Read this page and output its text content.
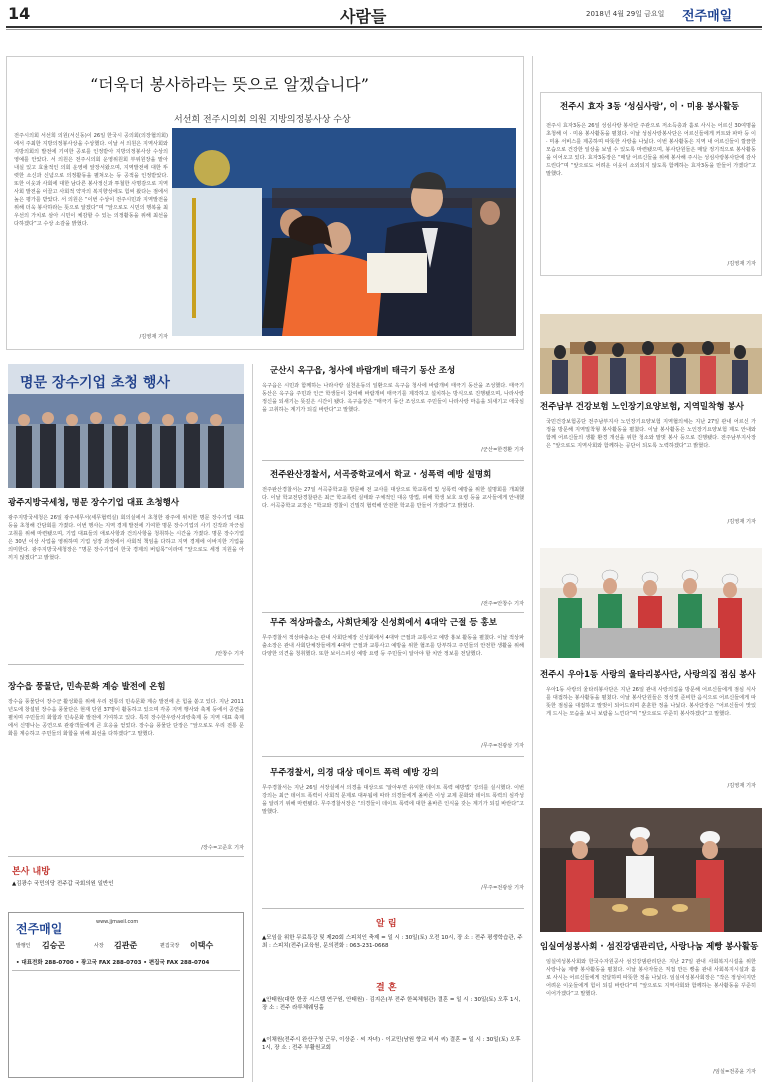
14	사람들	2018년 4월 29일 금요일 전주매일
“더욱더 봉사하라는 뜻으로 알겠습니다”
서선희 전주시의회 의원 지방의정봉사상 수상
전주시의회 서선희 의원(서신동)이 26일 한국시 공의회(의장협의회)에서 주최한 지방의정봉사상을 수상했다. 이날 서 의원은 지역사회와 지방의회의 발전에 기여한 공로를 인정받아 지방의정봉사상 수상의 영예를 안았다. 서 의원은 전주시의회 운영위원회 부위원장을 맡아 내실 있고 효율적인 의회 운영에 앞장서왔으며, 지역발전에 대한 뚜렷한 소신과 신념으로 의정활동을 펼쳐오는 등 공적을 인정받았다. 또한 이웃과 사회에 대한 남다른 봉사정신과 투철한 사명감으로 지역사회 발전을 이끌고 사회적 약자의 복지향상에도 힘써 왔다는 점에서 높은 평가를 받았다. 서 의원은 “이번 수상이 전주시민과 지역발전을 위해 더욱 봉사하라는 뜻으로 알겠다”며 “앞으로도 시민의 행복을 최우선의 가치로 삼아 시민이 체감할 수 있는 의정활동을 위해 최선을 다하겠다”고 수상 소감을 밝혔다.
/김영재 기자
전주시 효자 3동 ‘성심사랑’, 이 · 미용 봉사활동
전주시 효자3동은 26일 성심사랑 봉사단 주관으로 저소득층과 홀로 사시는 어르신 30여명을 초청해 이 · 미용 봉사활동을 펼쳤다. 이날 성심사랑봉사단은 어르신들에게 커트와 파마 등 이 · 미용 서비스를 제공하며 따뜻한 사랑을 나눴다. 이번 봉사활동은 지역 내 어르신들이 깔끔한 모습으로 건강한 일상을 보낼 수 있도록 마련됐으며, 봉사단원들은 매달 정기적으로 봉사활동을 이어오고 있다. 효자3동장은 “매달 어르신들을 위해 봉사해 주시는 성심사랑봉사단에 감사드린다”며 “앞으로도 어려운 이웃이 소외되지 않도록 함께하는 효자3동을 만들어 가겠다”고 말했다.
/김영재 기자
전주남부 건강보험 노인장기요양보험, 지역밀착형 봉사
국민건강보험공단 전주남부지사 노인장기요양보험 지역협의체는 지난 27일 관내 어르신 가정을 방문해 지역밀착형 봉사활동을 펼쳤다. 이날 봉사활동은 노인장기요양보험 제도 안내와 함께 어르신들의 생활 환경 개선을 위한 청소와 말벗 봉사 등으로 진행됐다. 전주남부지사장은 “앞으로도 지역사회와 함께하는 공단이 되도록 노력하겠다”고 밝혔다.
/김영재 기자
전주시 우아1동 사랑의 울타리봉사단, 사랑의집 점심 봉사
우아1동 사랑의 울타리봉사단은 지난 26일 관내 사랑의집을 방문해 어르신들에게 점심 식사를 대접하는 봉사활동을 펼쳤다. 이날 봉사단원들은 정성껏 준비한 음식으로 어르신들에게 따뜻한 점심을 대접하고 말벗이 되어드리며 훈훈한 정을 나눴다. 봉사단장은 “어르신들이 맛있게 드시는 모습을 보니 보람을 느낀다”며 “앞으로도 꾸준히 봉사하겠다”고 말했다.
/김영재 기자
임실여성봉사회 · 섬진강댐관리단, 사랑나눔 제빵 봉사활동
임실여성봉사회와 한국수자원공사 섬진강댐관리단은 지난 27일 관내 사회복지시설을 위한 사랑나눔 제빵 봉사활동을 펼쳤다. 이날 봉사자들은 직접 만든 빵을 관내 사회복지시설과 홀로 사시는 어르신들에게 전달하며 따뜻한 정을 나눴다. 임실여성봉사회장은 “작은 정성이지만 어려운 이웃들에게 힘이 되길 바란다”며 “앞으로도 지역사회와 함께하는 봉사활동을 꾸준히 이어가겠다”고 말했다.
/임실=전종윤 기자
명문 장수기업 초청 행사
광주지방국세청, 명문 장수기업 대표 초청행사
광주지방국세청은 26일 광주세무서(세무협력실) 회의실에서 초청한 광주에 위치한 명문 장수기업 대표 등을 초청해 간담회를 가졌다. 이번 행사는 지역 경제 발전에 기여한 명문 장수기업의 사기 진작과 자긍심 고취를 위해 마련됐으며, 기업 대표들의 애로사항과 건의사항을 청취하는 시간을 가졌다. 명문 장수기업은 30년 이상 사업을 영위하며 기업 성장 과정에서 사회적 책임을 다하고 지역 경제에 이바지한 기업을 의미한다. 광주지방국세청장은 “명문 장수기업이 한국 경제의 버팀목”이라며 “앞으로도 세정 지원을 아끼지 않겠다”고 밝혔다.
/안창수 기자
장수읍 풍물단, 민속문화 계승 발전에 온힘
장수읍 풍물단이 장수군 활성화를 위해 우리 전통의 민속문화 계승 발전에 온 힘을 쏟고 있다. 지난 2011년도에 창설된 장수읍 풍물단은 현재 단원 37명이 활동하고 있으며 각종 지역 행사와 축제 등에서 공연을 펼치며 주민들의 화합과 민속문화 발전에 기여하고 있다. 특히 장수한우랑사과랑축제 등 지역 대표 축제에서 신명나는 공연으로 관광객들에게 큰 호응을 얻었다. 장수읍 풍물단 단장은 “앞으로도 우리 전통 문화를 계승하고 주민들의 화합을 위해 최선을 다하겠다”고 말했다.
/장수=고준호 기자
본사 내방
▲김광수 국민의당 전주갑 국회의원 일반인
전주매일	www.jjmaeil.com
발행인 김승곤	사장 김관준	편집국장 이택수
• 대표전화 288-0700 • 광고국 FAX 288-0703 • 편집국 FAX 288-0704
군산시 옥구읍, 청사에 바람개비 태극기 동산 조성
옥구읍은 시민과 함께하는 나라사랑 실천운동의 일환으로 옥구읍 청사에 바람개비 태극기 동산을 조성했다. 태극기 동산은 옥구읍 주민과 인근 학생들이 참여해 바람개비 태극기를 제작하고 설치하는 방식으로 진행됐으며, 나라사랑 정신을 되새기는 뜻깊은 시간이 됐다. 옥구읍장은 “태극기 동산 조성으로 주민들이 나라사랑 마음을 되새기고 애국심을 고취하는 계기가 되길 바란다”고 말했다.
/군산=한경환 기자
전주완산경찰서, 서곡중학교에서 학교 · 성폭력 예방 설명회
전주완산경찰서는 27일 서곡중학교를 방문해 전 교사를 대상으로 학교폭력 및 성폭력 예방을 위한 설명회를 개최했다. 이날 학교전담경찰관은 최근 학교폭력 실태와 구체적인 대응 방법, 피해 학생 보호 요령 등을 교사들에게 안내했다. 서곡중학교 교장은 “학교와 경찰이 긴밀히 협력해 안전한 학교를 만들어 가겠다”고 밝혔다.
/전주=안창수 기자
무주 적상파출소, 사회단체장 신성회에서 4대악 근절 등 홍보
무주경찰서 적상파출소는 관내 사회단체장 신성회에서 4대악 근절과 교통사고 예방 홍보 활동을 펼쳤다. 이날 적상파출소장은 관내 사회단체장들에게 4대악 근절과 교통사고 예방을 위한 협조를 당부하고 주민들의 안전한 생활을 위해 다양한 의견을 청취했다. 또한 보이스피싱 예방 요령 등 주민들이 알아야 할 치안 정보를 전달했다.
/무주=전광삼 기자
무주경찰서, 의경 대상 데이트 폭력 예방 강의
무주경찰서는 지난 26일 서장실에서 의경을 대상으로 ‘알아두면 유익한 데이트 폭력 예방법’ 강의를 실시했다. 이번 강의는 최근 데이트 폭력이 사회적 문제로 대두됨에 따라 의경들에게 올바른 이성 교제 문화와 데이트 폭력의 심각성을 알리기 위해 마련됐다. 무주경찰서장은 “의경들이 데이트 폭력에 대한 올바른 인식을 갖는 계기가 되길 바란다”고 말했다.
/무주=전광삼 기자
알 림
▲모임을 위한 무료특강 및 제20회 스피치인 축제 = 일 시 : 30일(토) 오전 10시, 장 소 : 전주 평생학습관, 주 최 : 스피치(전주)교육원, 문의전화 : 063-231-0668
결 혼
▲안태원(대한 한공 시스템 연구원, 안태원) · 김지은(부 전주 한복체험관) 결혼 = 일 시 : 30일(토) 오후 1시, 장 소 : 전주 라루체웨딩홀
▲이채원(전주시 완산구청 근무, 이상준 · 씨 자녀) · 이교민(남원 향교 비서 씨) 결혼 = 일 시 : 30일(토) 오후 1시, 장 소 : 전주 부활원교회
